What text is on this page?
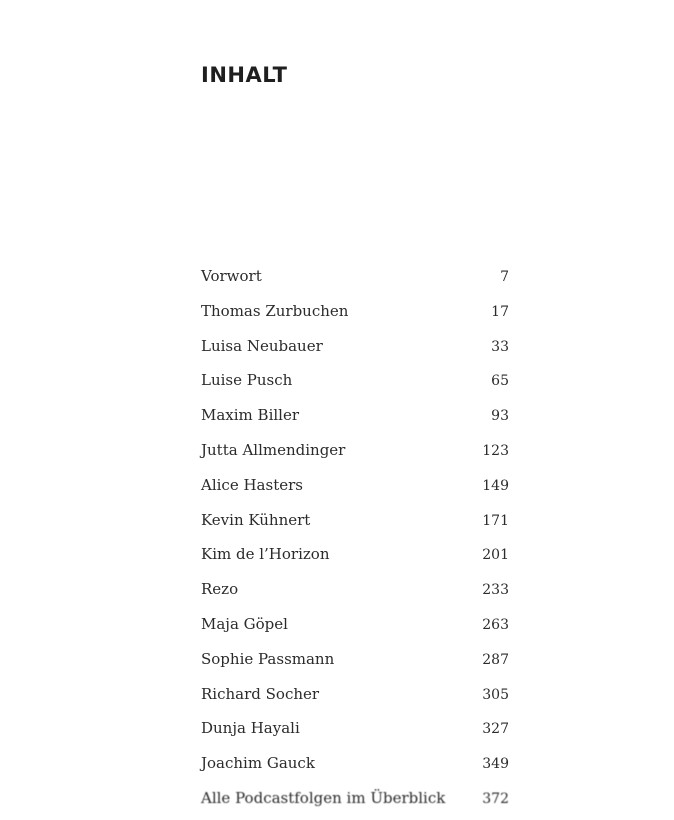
INHALT
Vorwort	7
Thomas Zurbuchen	17
Luisa Neubauer	33
Luise Pusch	65
Maxim Biller	93
Jutta Allmendinger	123
Alice Hasters	149
Kevin Kühnert	171
Kim de l’Horizon	201
Rezo	233
Maja Göpel	263
Sophie Passmann	287
Richard Socher	305
Dunja Hayali	327
Joachim Gauck	349
Alle Podcastfolgen im Überblick	372
